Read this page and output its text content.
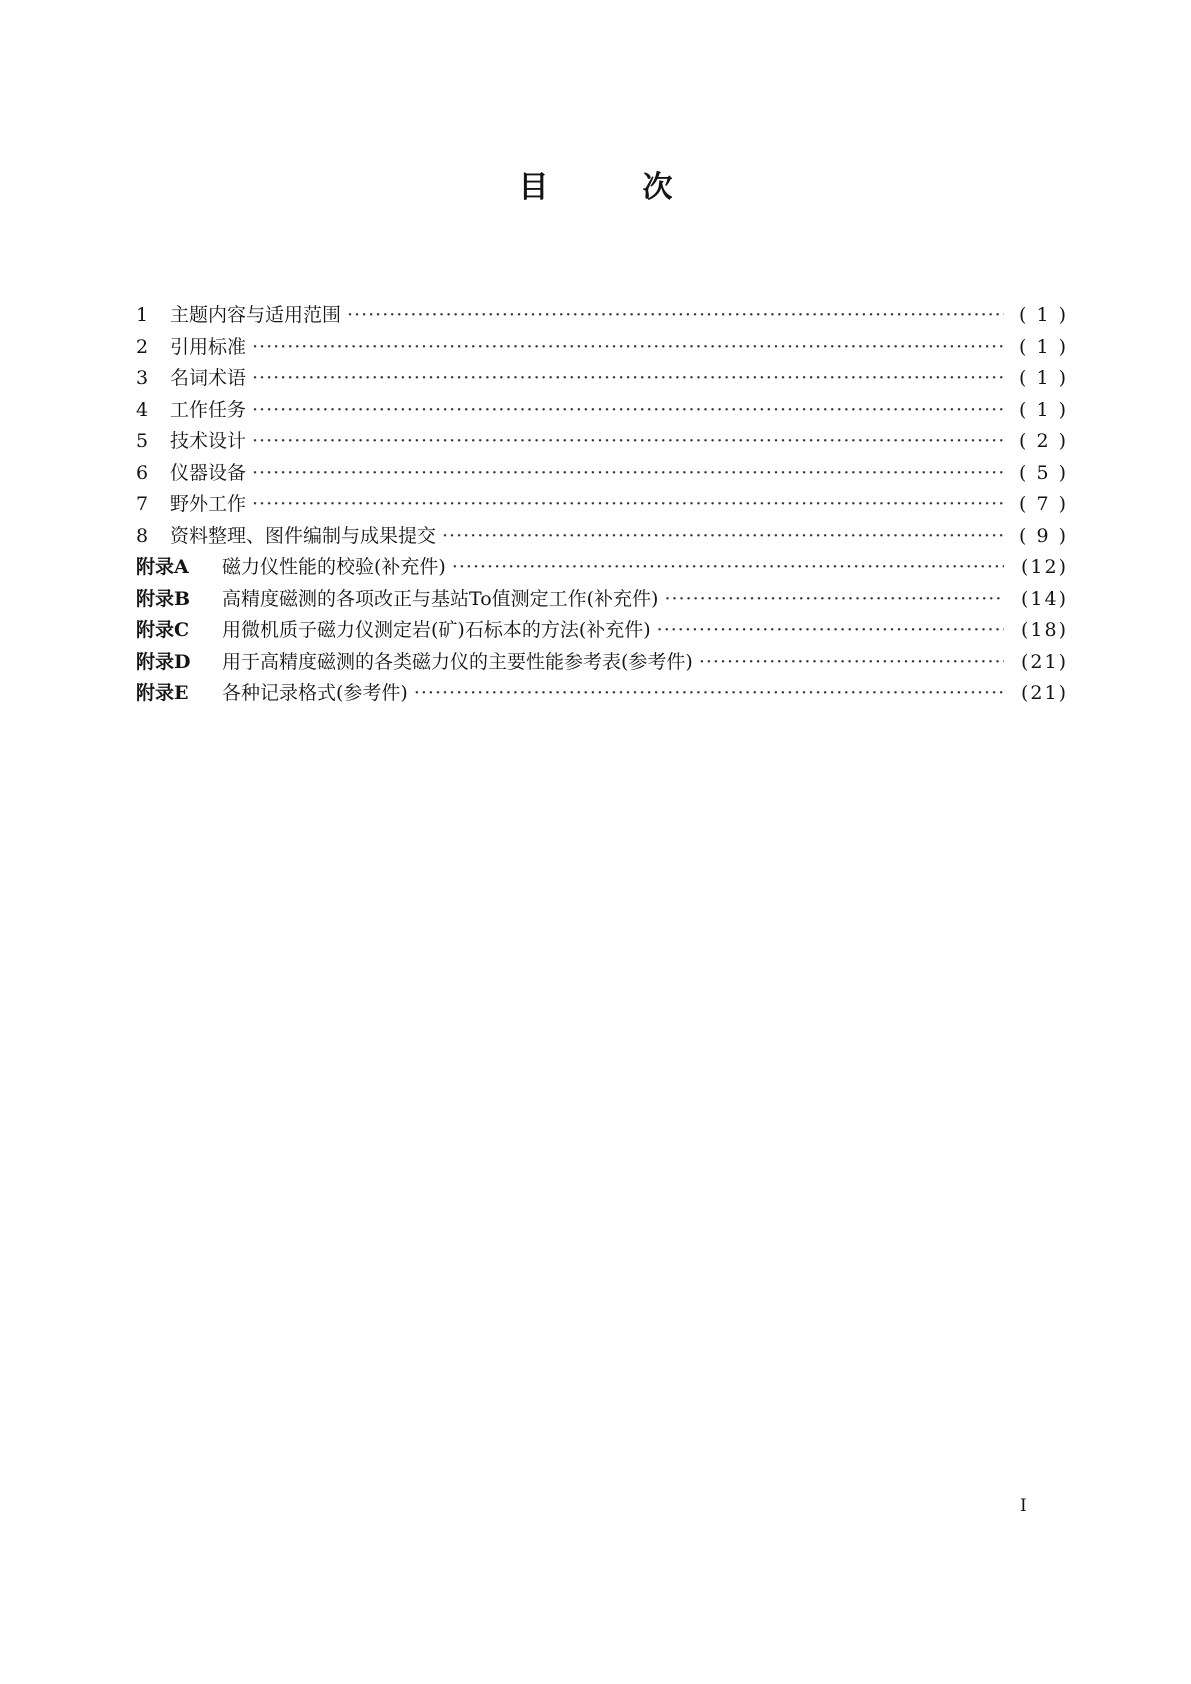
目次
1	主题内容与适用范围 ·····	( 1 )
2	引用标准 ·····	( 1 )
3	名词术语 ·····	( 1 )
4	工作任务 ·····	( 1 )
5	技术设计 ·····	( 2 )
6	仪器设备 ·····	( 5 )
7	野外工作 ·····	( 7 )
8	资料整理、图件编制与成果提交 ·····	( 9 )
附录A	磁力仪性能的校验(补充件) ·····	(12)
附录B	高精度磁测的各项改正与基站To值测定工作(补充件) ·····	(14)
附录C	用微机质子磁力仪测定岩(矿)石标本的方法(补充件) ·····	(18)
附录D	用于高精度磁测的各类磁力仪的主要性能参考表(参考件) ·····	(21)
附录E	各种记录格式(参考件) ·····	(21)
I
